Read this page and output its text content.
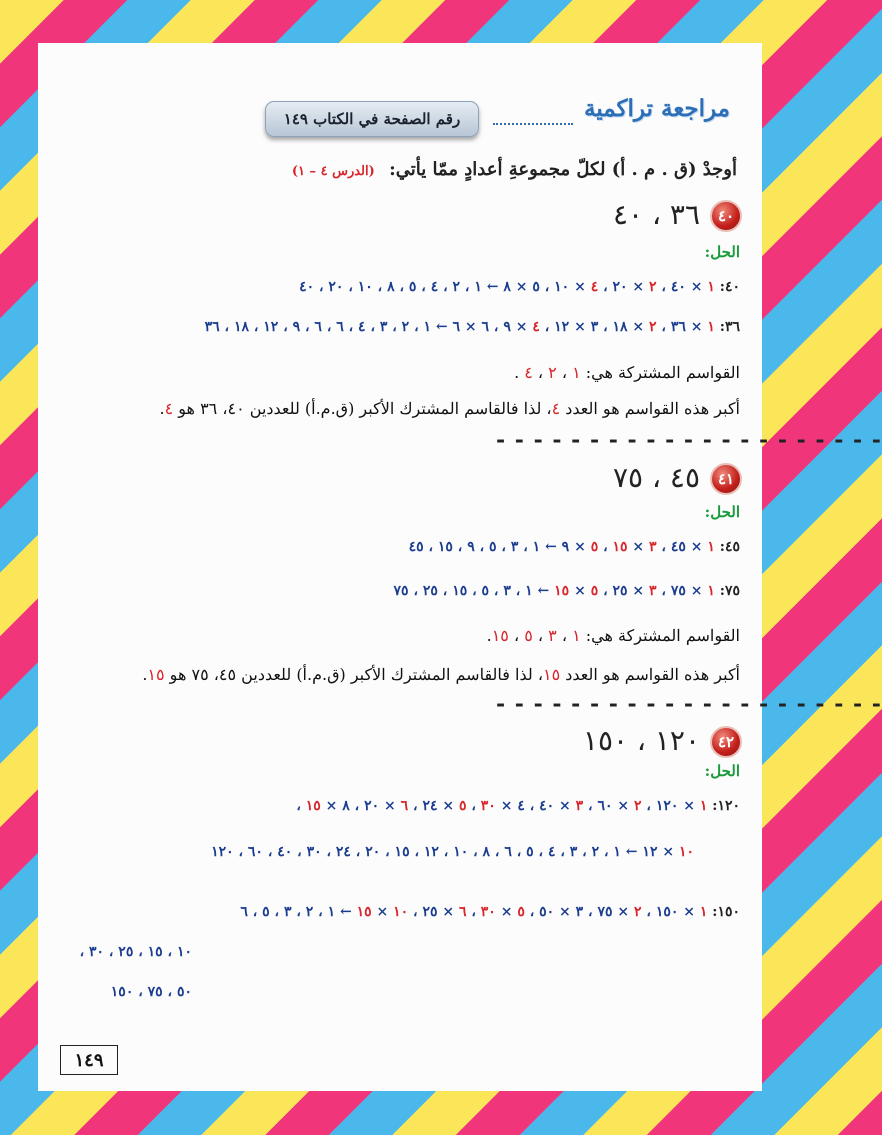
مراجعة تراكمية
رقم الصفحة في الكتاب ١٤٩
أوجدْ (ق . م . أ) لكلّ مجموعةِ أعدادٍ ممّا يأتي: (الدرس ٤ – ١)
٤٠
٣٦ ، ٤٠
الحل:
٤٠: ١ × ٤٠ ، ٢ × ٢٠ ، ٤ × ١٠ ، ٥ × ٨ ← ١ ، ٢ ، ٤ ، ٥ ، ٨ ، ١٠ ، ٢٠ ، ٤٠
٣٦: ١ × ٣٦ ، ٢ × ١٨ ، ٣ × ١٢ ، ٤ × ٩ ، ٦ × ٦ ← ١ ، ٢ ، ٣ ، ٤ ، ٦ ، ٦ ، ٩ ، ١٢ ، ١٨ ، ٣٦
القواسم المشتركة هي: ١ ، ٢ ، ٤ .
أكبر هذه القواسم هو العدد ٤، لذا فالقاسم المشترك الأكبر (ق.م.أ) للعددين ٤٠، ٣٦ هو ٤.
- - - - - - - - - - - - - - - - - - - - -
٤١
٤٥ ، ٧٥
الحل:
٤٥: ١ × ٤٥ ، ٣ × ١٥ ، ٥ × ٩ ← ١ ، ٣ ، ٥ ، ٩ ، ١٥ ، ٤٥
٧٥: ١ × ٧٥ ، ٣ × ٢٥ ، ٥ × ١٥ ← ١ ، ٣ ، ٥ ، ١٥ ، ٢٥ ، ٧٥
القواسم المشتركة هي: ١ ، ٣ ، ٥ ، ١٥.
أكبر هذه القواسم هو العدد ١٥، لذا فالقاسم المشترك الأكبر (ق.م.أ) للعددين ٤٥، ٧٥ هو ١٥.
- - - - - - - - - - - - - - - - - - - - -
٤٢
١٢٠ ، ١٥٠
الحل:
١٢٠: ١ × ١٢٠ ، ٢ × ٦٠ ، ٣ × ٤٠ ، ٤ × ٣٠ ، ٥ × ٢٤ ، ٦ × ٢٠ ، ٨ × ١٥ ،
١٠ × ١٢ ← ١ ، ٢ ، ٣ ، ٤ ، ٥ ، ٦ ، ٨ ، ١٠ ، ١٢ ، ١٥ ، ٢٠ ، ٢٤ ، ٣٠ ، ٤٠ ، ٦٠ ، ١٢٠
١٥٠: ١ × ١٥٠ ، ٢ × ٧٥ ، ٣ × ٥٠ ، ٥ × ٣٠ ، ٦ × ٢٥ ، ١٠ × ١٥ ← ١ ، ٢ ، ٣ ، ٥ ، ٦
١٠ ، ١٥ ، ٢٥ ، ٣٠ ،
٥٠ ، ٧٥ ، ١٥٠
١٤٩
